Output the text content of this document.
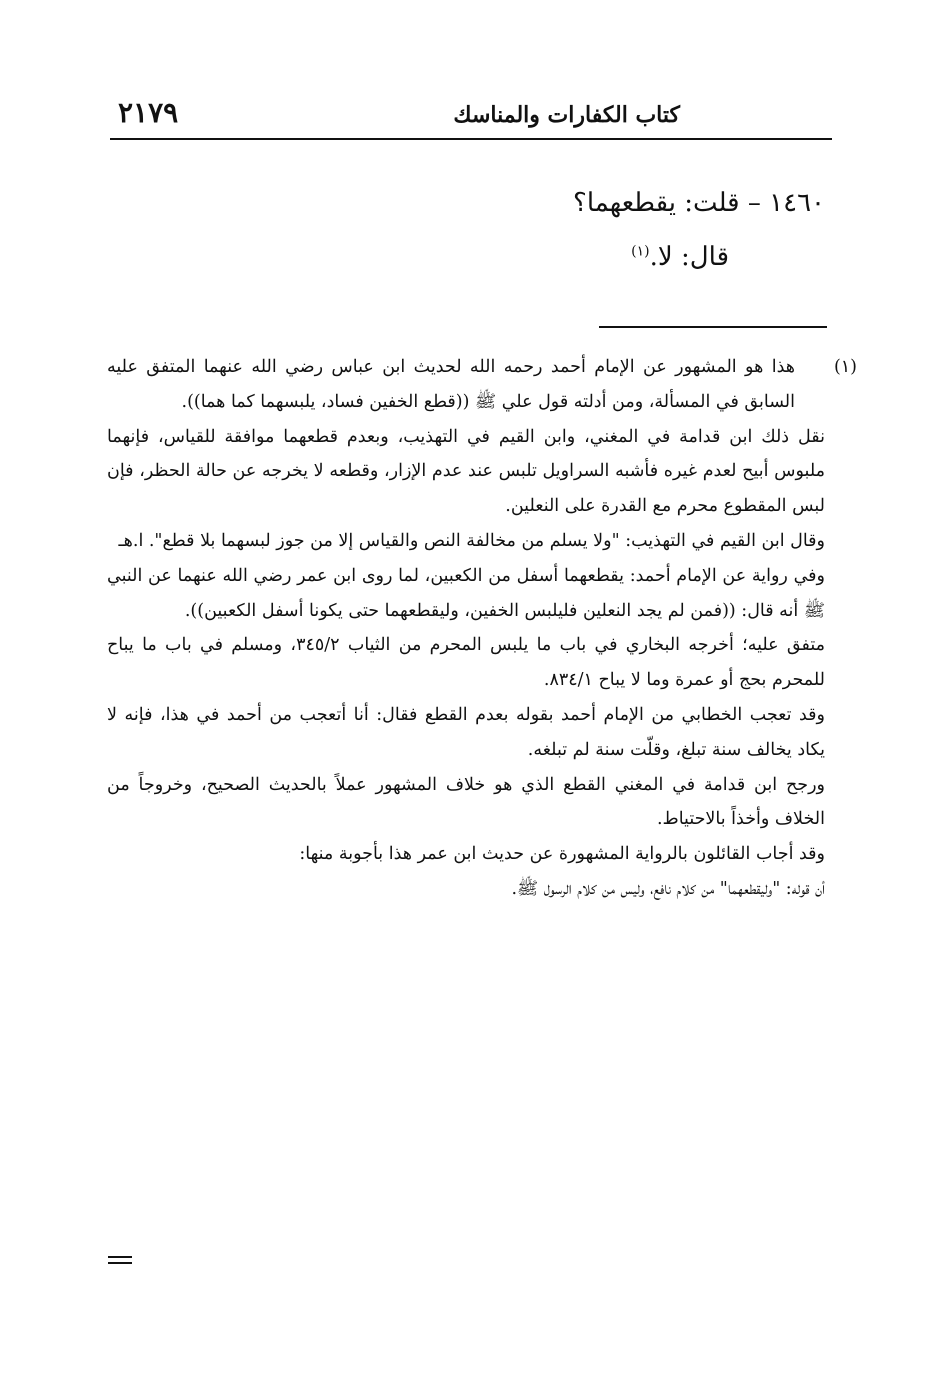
كتاب الكفارات والمناسك
٢١٧٩
١٤٦٠ – قلت: يقطعهما؟
قال: لا.$^{(١)}$
(١)

هذا هو المشهور عن الإمام أحمد رحمه الله لحديث ابن عباس رضي الله عنهما المتفق عليه السابق في المسألة، ومن أدلته قول علي ﷺ ((قطع الخفين فساد، يلبسهما كما هما)).

نقل ذلك ابن قدامة في المغني، وابن القيم في التهذيب، وبعدم قطعهما موافقة للقياس، فإنهما ملبوس أبيح لعدم غيره فأشبه السراويل تلبس عند عدم الإزار، وقطعه لا يخرجه عن حالة الحظر، فإن لبس المقطوع محرم مع القدرة على النعلين.

وقال ابن القيم في التهذيب: "ولا يسلم من مخالفة النص والقياس إلا من جوز لبسهما بلا قطع". ا.هـ

وفي رواية عن الإمام أحمد: يقطعهما أسفل من الكعبين، لما روى ابن عمر رضي الله عنهما عن النبي ﷺ أنه قال: ((فمن لم يجد النعلين فليلبس الخفين، وليقطعهما حتى يكونا أسفل الكعبين)).

متفق عليه؛ أخرجه البخاري في باب ما يلبس المحرم من الثياب ٣٤٥/٢، ومسلم في باب ما يباح للمحرم بحج أو عمرة وما لا يباح ٨٣٤/١.

وقد تعجب الخطابي من الإمام أحمد بقوله بعدم القطع فقال: أنا أتعجب من أحمد في هذا، فإنه لا يكاد يخالف سنة تبلغ، وقلّت سنة لم تبلغه.

ورجح ابن قدامة في المغني القطع الذي هو خلاف المشهور عملاً بالحديث الصحيح، وخروجاً من الخلاف وأخذاً بالاحتياط.

وقد أجاب القائلون بالرواية المشهورة عن حديث ابن عمر هذا بأجوبة منها:

أن قوله: "وليقطعهما" من كلام نافع، وليس من كلام الرسول ﷺ.
